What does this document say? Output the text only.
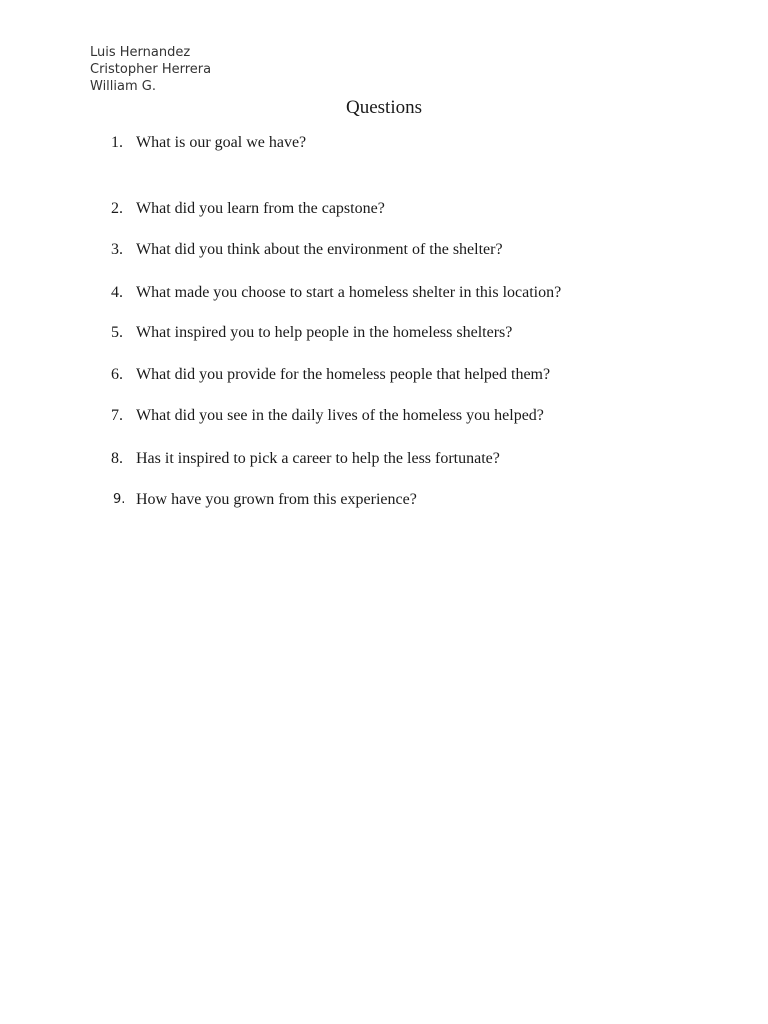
Luis Hernandez
Cristopher Herrera
William G.
Questions
1. What is our goal we have?
2. What did you learn from the capstone?
3. What did you think about the environment of the shelter?
4. What made you choose to start a homeless shelter in this location?
5. What inspired you to help people in the homeless shelters?
6. What did you provide for the homeless people that helped them?
7. What did you see in the daily lives of the homeless you helped?
8. Has it inspired to pick a career to help the less fortunate?
9. How have you grown from this experience?
